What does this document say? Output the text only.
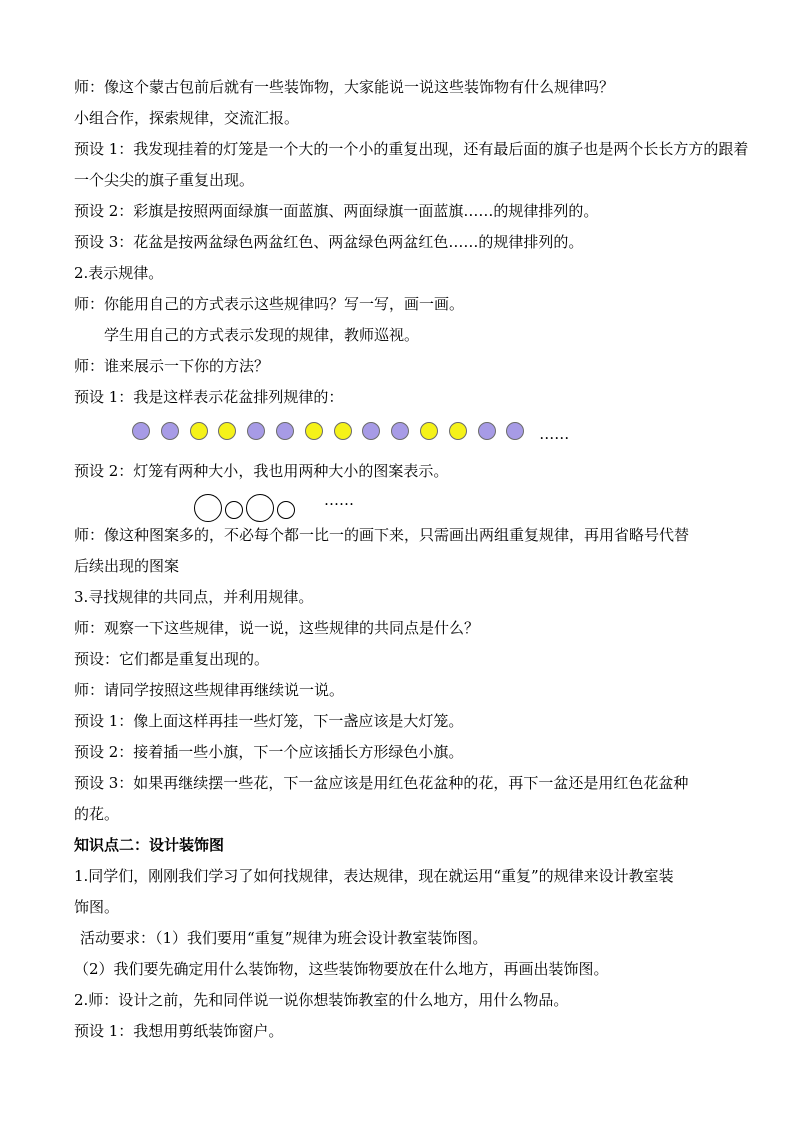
师：像这个蒙古包前后就有一些装饰物，大家能说一说这些装饰物有什么规律吗？
小组合作，探索规律，交流汇报。
预设 1：我发现挂着的灯笼是一个大的一个小的重复出现，还有最后面的旗子也是两个长长方方的跟着
一个尖尖的旗子重复出现。
预设 2：彩旗是按照两面绿旗一面蓝旗、两面绿旗一面蓝旗……的规律排列的。
预设 3：花盆是按两盆绿色两盆红色、两盆绿色两盆红色……的规律排列的。
2.表示规律。
师：你能用自己的方式表示这些规律吗？写一写，画一画。
学生用自己的方式表示发现的规律，教师巡视。
师：谁来展示一下你的方法？
预设 1：我是这样表示花盆排列规律的：
……
预设 2：灯笼有两种大小，我也用两种大小的图案表示。
……
师：像这种图案多的，不必每个都一比一的画下来，只需画出两组重复规律，再用省略号代替
后续出现的图案
3.寻找规律的共同点，并利用规律。
师：观察一下这些规律，说一说，这些规律的共同点是什么？
预设：它们都是重复出现的。
师：请同学按照这些规律再继续说一说。
预设 1：像上面这样再挂一些灯笼，下一盏应该是大灯笼。
预设 2：接着插一些小旗，下一个应该插长方形绿色小旗。
预设 3：如果再继续摆一些花，下一盆应该是用红色花盆种的花，再下一盆还是用红色花盆种
的花。
知识点二：设计装饰图
1.同学们，刚刚我们学习了如何找规律，表达规律，现在就运用“重复”的规律来设计教室装
饰图。
活动要求：（1）我们要用“重复”规律为班会设计教室装饰图。
（2）我们要先确定用什么装饰物，这些装饰物要放在什么地方，再画出装饰图。
2.师：设计之前，先和同伴说一说你想装饰教室的什么地方，用什么物品。
预设 1：我想用剪纸装饰窗户。
